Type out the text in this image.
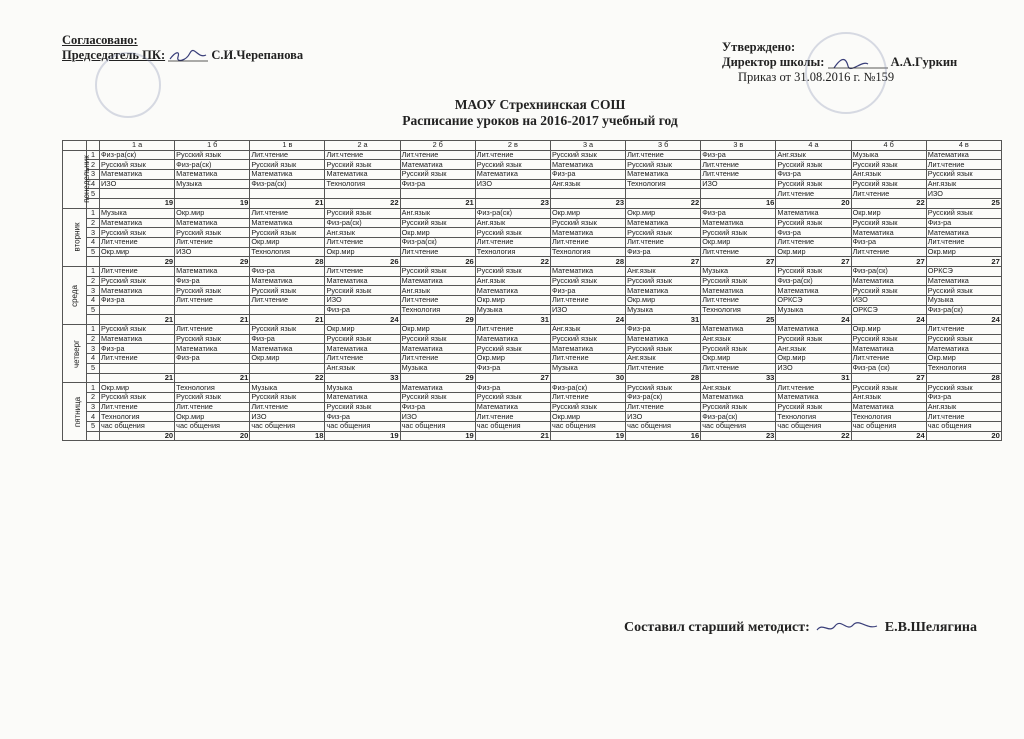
Согласовано:
Председатель ПК:	С.И.Черепанова
Утверждено:
Директор школы:	А.А.Гуркин
Приказ от 31.08.2016 г. №159
МАОУ Стрехнинская СОШ
Расписание уроков на 2016-2017 учебный год
		1 а	1 б	1 в	2 а	2 б	2 в	3 а	3 б	3 в	4 а	4 б	4 в
понедельник	1	Физ-ра(ск)	Русский язык	Лит.чтение	Лит.чтение	Лит.чтение	Лит.чтение	Русский язык	Лит.чтение	Физ-ра	Анг.язык	Музыка	Математика
	2	Русский язык	Физ-ра(ск)	Русский язык	Русский язык	Математика	Русский язык	Математика	Русский язык	Лит.чтение	Русский язык	Русский язык	Лит.чтение
	3	Математика	Математика	Математика	Математика	Русский язык	Математика	Физ-ра	Математика	Лит.чтение	Физ-ра	Анг.язык	Русский язык
	4	ИЗО	Музыка	Физ-ра(ск)	Технология	Физ-ра	ИЗО	Анг.язык	Технология	ИЗО	Русский язык	Русский язык	Анг.язык
	5										Лит.чтение	Лит.чтение	ИЗО
		19	19	21	22	21	23	23	22	16	20	22	25
вторник	1	Музыка	Окр.мир	Лит.чтение	Русский язык	Анг.язык	Физ-ра(ск)	Окр.мир	Окр.мир	Физ-ра	Математика	Окр.мир	Русский язык
	2	Математика	Математика	Математика	Физ-ра(ск)	Русский язык	Анг.язык	Русский язык	Математика	Математика	Русский язык	Русский язык	Физ-ра
	3	Русский язык	Русский язык	Русский язык	Анг.язык	Окр.мир	Русский язык	Математика	Русский язык	Русский язык	Физ-ра	Математика	Математика
	4	Лит.чтение	Лит.чтение	Окр.мир	Лит.чтение	Физ-ра(ск)	Лит.чтение	Лит.чтение	Лит.чтение	Окр.мир	Лит.чтение	Физ-ра	Лит.чтение
	5	Окр.мир	ИЗО	Технология	Окр.мир	Лит.чтение	Технология	Технология	Физ-ра	Лит.чтение	Окр.мир	Лит.чтение	Окр.мир
		29	29	28	26	26	22	28	27	27	27	27	27
среда	1	Лит.чтение	Математика	Физ-ра	Лит.чтение	Русский язык	Русский язык	Математика	Анг.язык	Музыка	Русский язык	Физ-ра(ск)	ОРКСЭ
	2	Русский язык	Физ-ра	Математика	Математика	Математика	Анг.язык	Русский язык	Русский язык	Русский язык	Физ-ра(ск)	Математика	Математика
	3	Математика	Русский язык	Русский язык	Русский язык	Анг.язык	Математика	Физ-ра	Математика	Математика	Математика	Русский язык	Русский язык
	4	Физ-ра	Лит.чтение	Лит.чтение	ИЗО	Лит.чтение	Окр.мир	Лит.чтение	Окр.мир	Лит.чтение	ОРКСЭ	ИЗО	Музыка
	5				Физ-ра	Технология	Музыка	ИЗО	Музыка	Технология	Музыка	ОРКСЭ	Физ-ра(ск)
		21	21	21	24	29	31	24	31	25	24	24	24
четверг	1	Русский язык	Лит.чтение	Русский язык	Окр.мир	Окр.мир	Лит.чтение	Анг.язык	Физ-ра	Математика	Математика	Окр.мир	Лит.чтение
	2	Математика	Русский язык	Физ-ра	Русский язык	Русский язык	Математика	Русский язык	Математика	Анг.язык	Русский язык	Русский язык	Русский язык
	3	Физ-ра	Математика	Математика	Математика	Математика	Русский язык	Математика	Русский язык	Русский язык	Анг.язык	Математика	Математика
	4	Лит.чтение	Физ-ра	Окр.мир	Лит.чтение	Лит.чтение	Окр.мир	Лит.чтение	Анг.язык	Окр.мир	Окр.мир	Лит.чтение	Окр.мир
	5				Анг.язык	Музыка	Физ-ра	Музыка	Лит.чтение	Лит.чтение	ИЗО	Физ-ра (ск)	Технология
		21	21	22	33	29	27	30	28	33	31	27	28
пятница	1	Окр.мир	Технология	Музыка	Музыка	Математика	Физ-ра	Физ-ра(ск)	Русский язык	Анг.язык	Лит.чтение	Русский язык	Русский язык
	2	Русский язык	Русский язык	Русский язык	Математика	Русский язык	Русский язык	Лит.чтение	Физ-ра(ск)	Математика	Математика	Анг.язык	Физ-ра
	3	Лит.чтение	Лит.чтение	Лит.чтение	Русский язык	Физ-ра	Математика	Русский язык	Лит.чтение	Русский язык	Русский язык	Математика	Анг.язык
	4	Технология	Окр.мир	ИЗО	Физ-ра	ИЗО	Лит.чтение	Окр.мир	ИЗО	Физ-ра(ск)	Технология	Технология	Лит.чтение
	5	час общения	час общения	час общения	час общения	час общения	час общения	час общения	час общения	час общения	час общения	час общения	час общения
		20	20	18	19	19	21	19	16	23	22	24	20
Составил старший методист:	Е.В.Шелягина
